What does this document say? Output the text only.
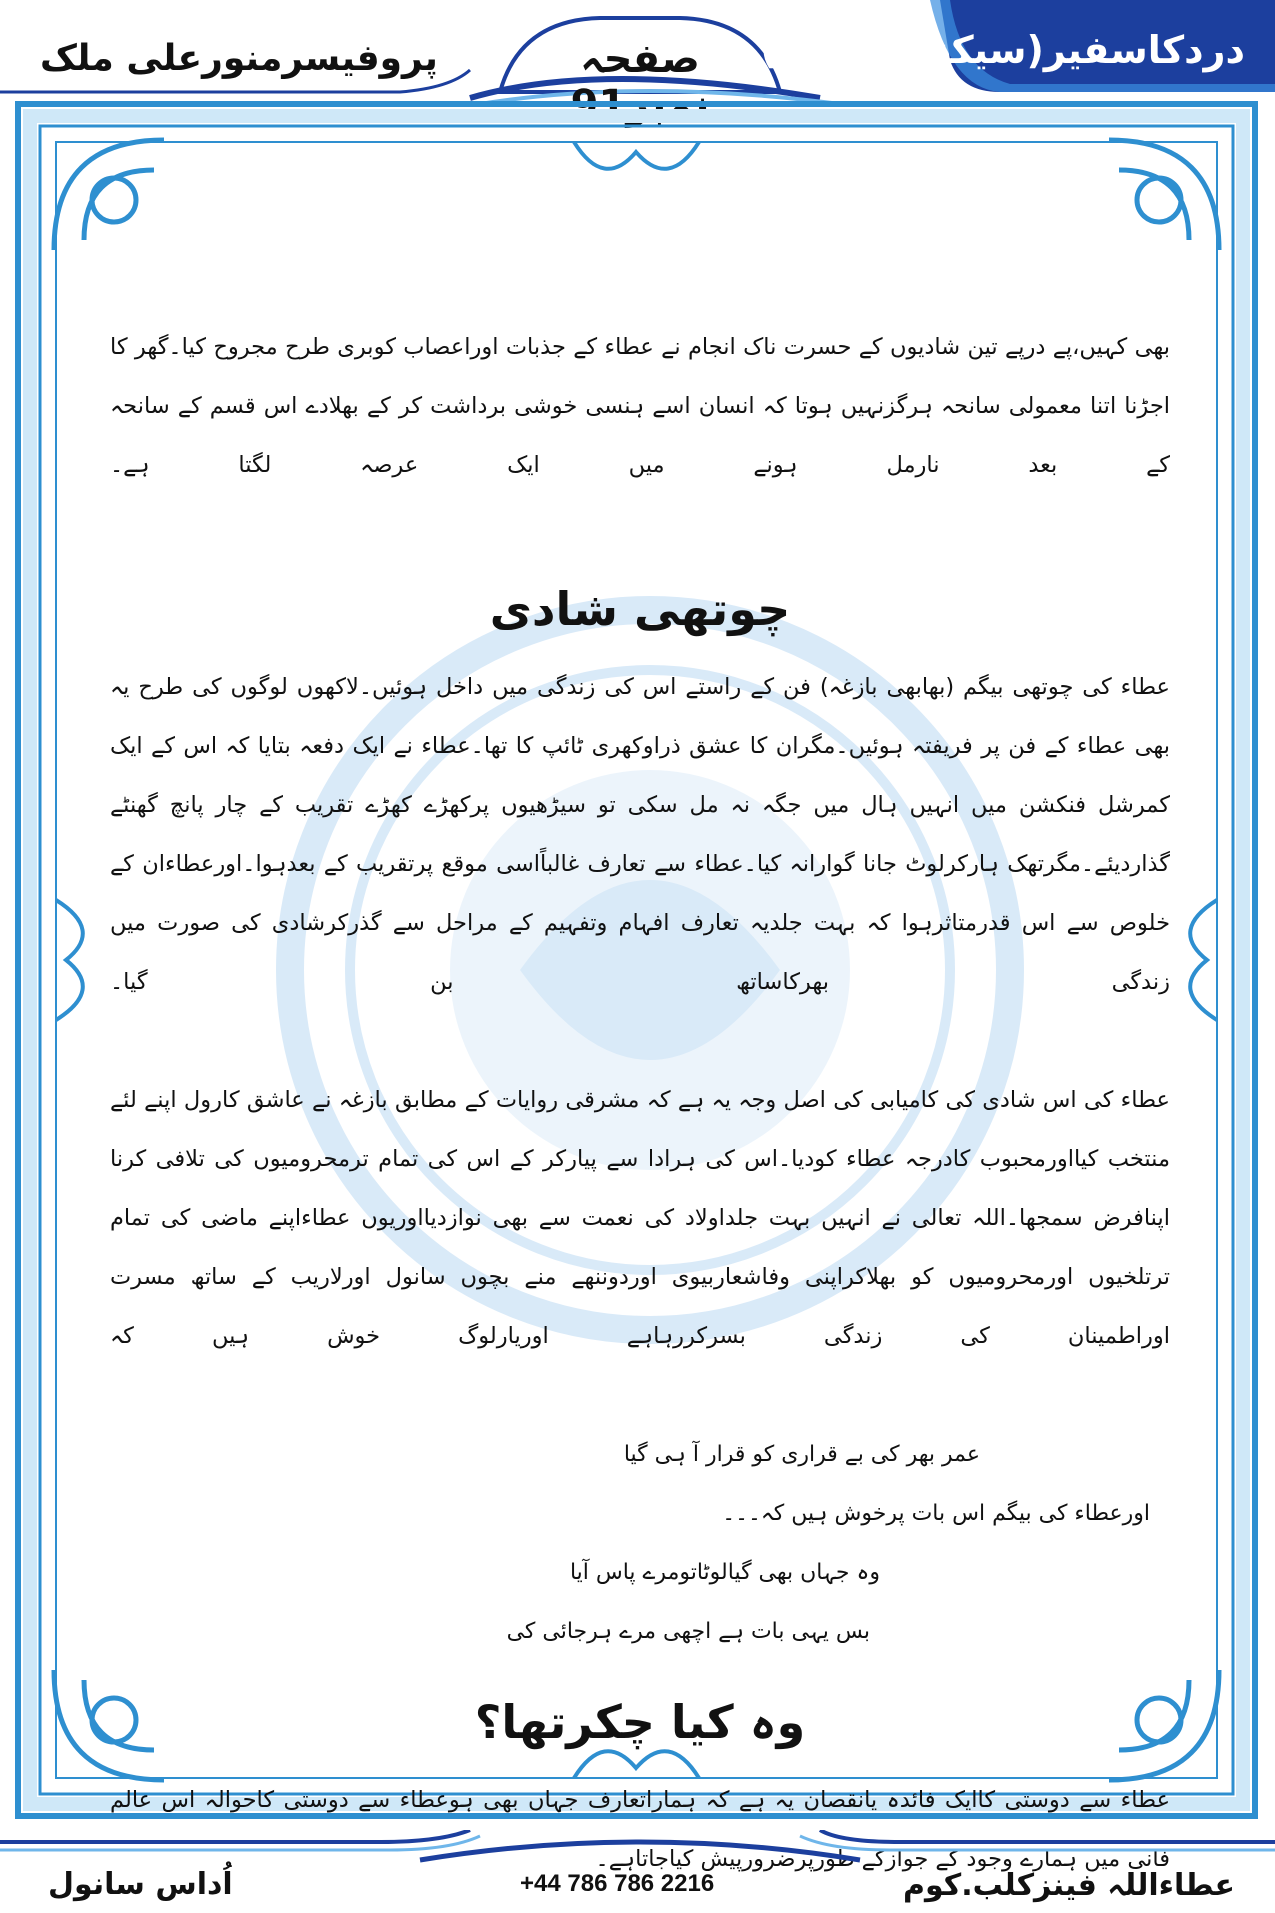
دردکاسفیر(سیکنڈایڈیشن)
صفحہ نمبر91
پروفیسرمنورعلی ملک

بھی کہیں،پے درپے تین شادیوں کے حسرت ناک انجام نے عطاء کے جذبات اوراعصاب کوبری طرح مجروح کیا۔گھر کا اجڑنا اتنا معمولی سانحہ ہرگزنہیں ہوتا کہ انسان اسے ہنسی خوشی برداشت کر کے بھلادے اس قسم کے سانحہ کے بعد نارمل ہونے میں ایک عرصہ لگتا ہے۔

چوتھی شادی

عطاء کی چوتھی بیگم (بھابھی بازغہ) فن کے راستے اس کی زندگی میں داخل ہوئیں۔لاکھوں لوگوں کی طرح یہ بھی عطاء کے فن پر فریفتہ ہوئیں۔مگران کا عشق ذراوکھری ٹائپ کا تھا۔عطاء نے ایک دفعہ بتایا کہ اس کے ایک کمرشل فنکشن میں انہیں ہال میں جگہ نہ مل سکی تو سیڑھیوں پرکھڑے کھڑے تقریب کے چار پانچ گھنٹے گذاردیئے۔مگرتھک ہارکرلوٹ جانا گوارانہ کیا۔عطاء سے تعارف غالباًاسی موقع پرتقریب کے بعدہوا۔اورعطاءان کے خلوص سے اس قدرمتاثرہوا کہ بہت جلدیہ تعارف افہام وتفہیم کے مراحل سے گذرکرشادی کی صورت میں زندگی بھرکاساتھ بن گیا۔

عطاء کی اس شادی کی کامیابی کی اصل وجہ یہ ہے کہ مشرقی روایات کے مطابق بازغہ نے عاشق کارول اپنے لئے منتخب کیااورمحبوب کادرجہ عطاء کودیا۔اس کی ہرادا سے پیارکر کے اس کی تمام ترمحرومیوں کی تلافی کرنا اپنافرض سمجھا۔اللہ تعالی نے انہیں بہت جلداولاد کی نعمت سے بھی نوازدیااوریوں عطاءاپنے ماضی کی تمام ترتلخیوں اورمحرومیوں کو بھلاکراپنی وفاشعاربیوی اوردوننھے منے بچوں سانول اورلاریب کے ساتھ مسرت اوراطمینان کی زندگی بسرکررہاہے اوریارلوگ خوش ہیں کہ

عمر بھر کی بے قراری کو قرار آ ہی گیا

اورعطاء کی بیگم اس بات پرخوش ہیں کہ۔۔۔

وہ جہاں بھی گیالوٹاتومرے پاس آیا

بس یہی بات ہے اچھی مرے ہرجائی کی

وہ کیا چکرتھا؟

عطاء سے دوستی کاایک فائدہ یانقصان یہ ہے کہ ہماراتعارف جہاں بھی ہوعطاء سے دوستی کاحوالہ اس عالم فانی میں ہمارے وجود کے جوازکے طورپرضرورپیش کیاجاتاہے۔

اُداس سانول	+44 786 786 2216	عطاءاللہ فینزکلب.کوم
